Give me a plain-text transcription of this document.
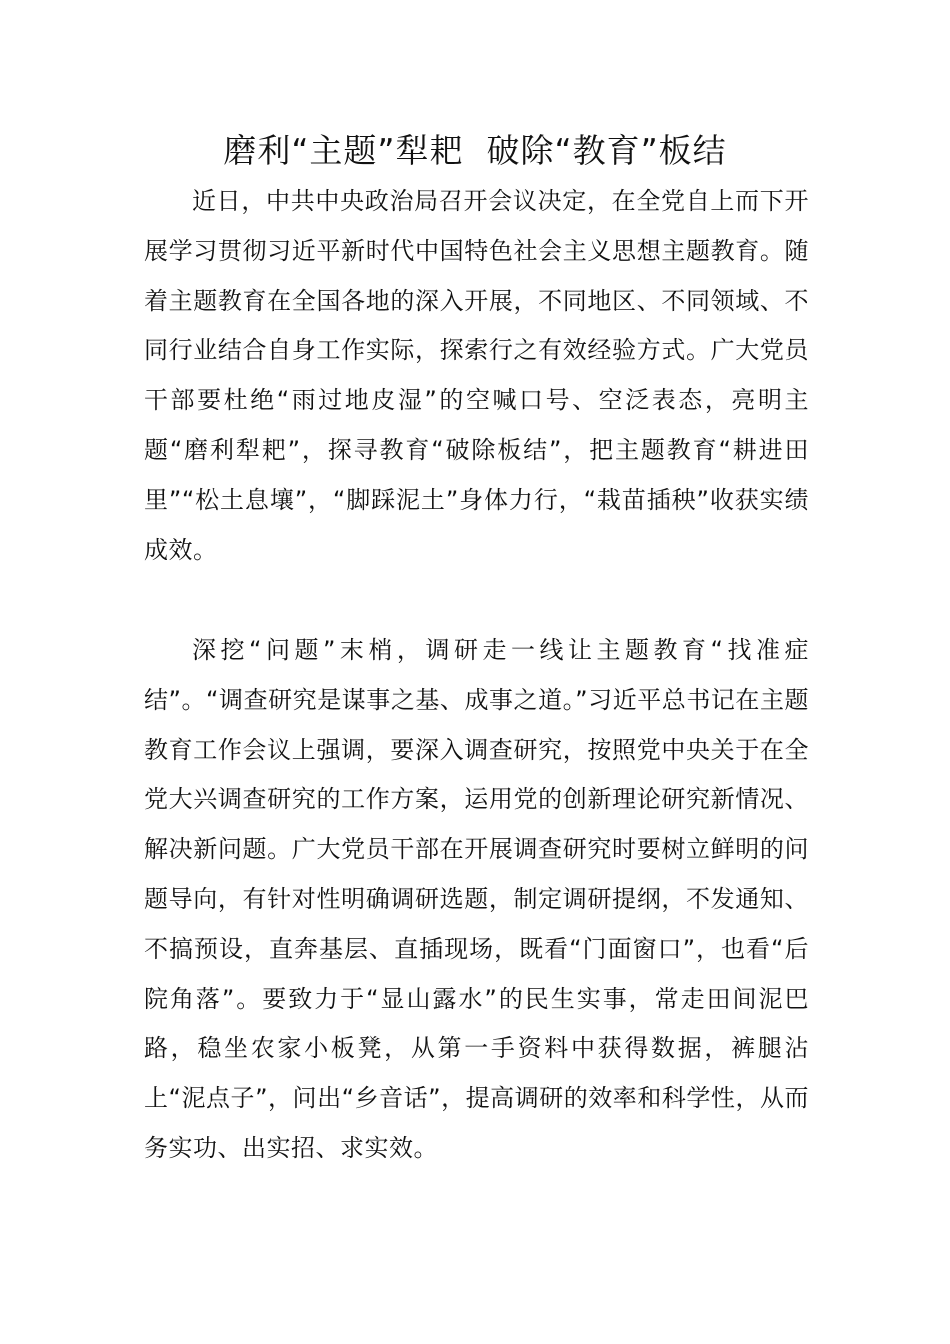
磨利“主题”犁耙  破除“教育”板结

近日，中共中央政治局召开会议决定，在全党自上而下开展学习贯彻习近平新时代中国特色社会主义思想主题教育。随着主题教育在全国各地的深入开展，不同地区、不同领域、不同行业结合自身工作实际，探索行之有效经验方式。广大党员干部要杜绝“雨过地皮湿”的空喊口号、空泛表态，亮明主题“磨利犁耙”，探寻教育“破除板结”，把主题教育“耕进田里”“松土息壤”，“脚踩泥土”身体力行，“栽苗插秧”收获实绩成效。

深挖“问题”末梢，调研走一线让主题教育“找准症结”。“调查研究是谋事之基、成事之道。”习近平总书记在主题教育工作会议上强调，要深入调查研究，按照党中央关于在全党大兴调查研究的工作方案，运用党的创新理论研究新情况、解决新问题。广大党员干部在开展调查研究时要树立鲜明的问题导向，有针对性明确调研选题，制定调研提纲，不发通知、不搞预设，直奔基层、直插现场，既看“门面窗口”，也看“后院角落”。要致力于“显山露水”的民生实事，常走田间泥巴路，稳坐农家小板凳，从第一手资料中获得数据，裤腿沾上“泥点子”，问出“乡音话”，提高调研的效率和科学性，从而务实功、出实招、求实效。
